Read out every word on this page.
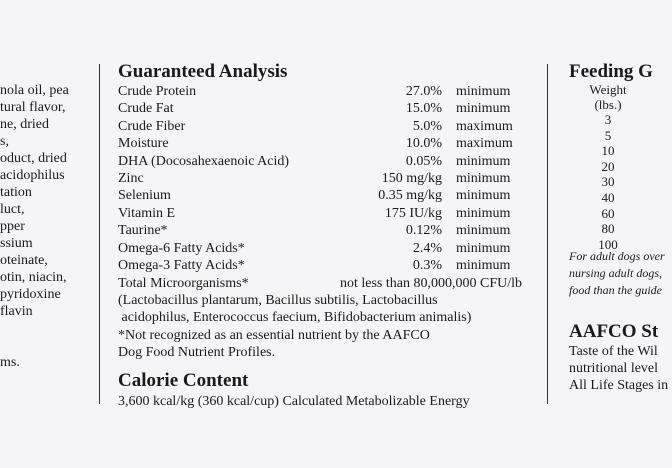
nola oil, pea
tural flavor,
ne, dried
s,
oduct, dried
acidophilus
tation
luct,
pper
ssium
oteinate,
otin, niacin,
pyridoxine
flavin
ms.
Guaranteed Analysis
Crude Protein	27.0% minimum
Crude Fat	15.0% minimum
Crude Fiber	5.0% maximum
Moisture	10.0% maximum
DHA (Docosahexaenoic Acid)	0.05% minimum
Zinc	150 mg/kg minimum
Selenium	0.35 mg/kg minimum
Vitamin E	175 IU/kg minimum
Taurine*	0.12% minimum
Omega-6 Fatty Acids*	2.4% minimum
Omega-3 Fatty Acids*	0.3% minimum
Total Microorganisms*	not less than 80,000,000 CFU/lb
(Lactobacillus plantarum, Bacillus subtilis, Lactobacillus
acidophilus, Enterococcus faecium, Bifidobacterium animalis)
*Not recognized as an essential nutrient by the AAFCO
Dog Food Nutrient Profiles.
Calorie Content
3,600 kcal/kg (360 kcal/cup) Calculated Metabolizable Energy
Feeding G
Weight
(lbs.)
3
5
10
20
30
40
60
80
100
For adult dogs over
nursing adult dogs,
food than the guide
AAFCO St
Taste of the Wil
nutritional level
All Life Stages in
